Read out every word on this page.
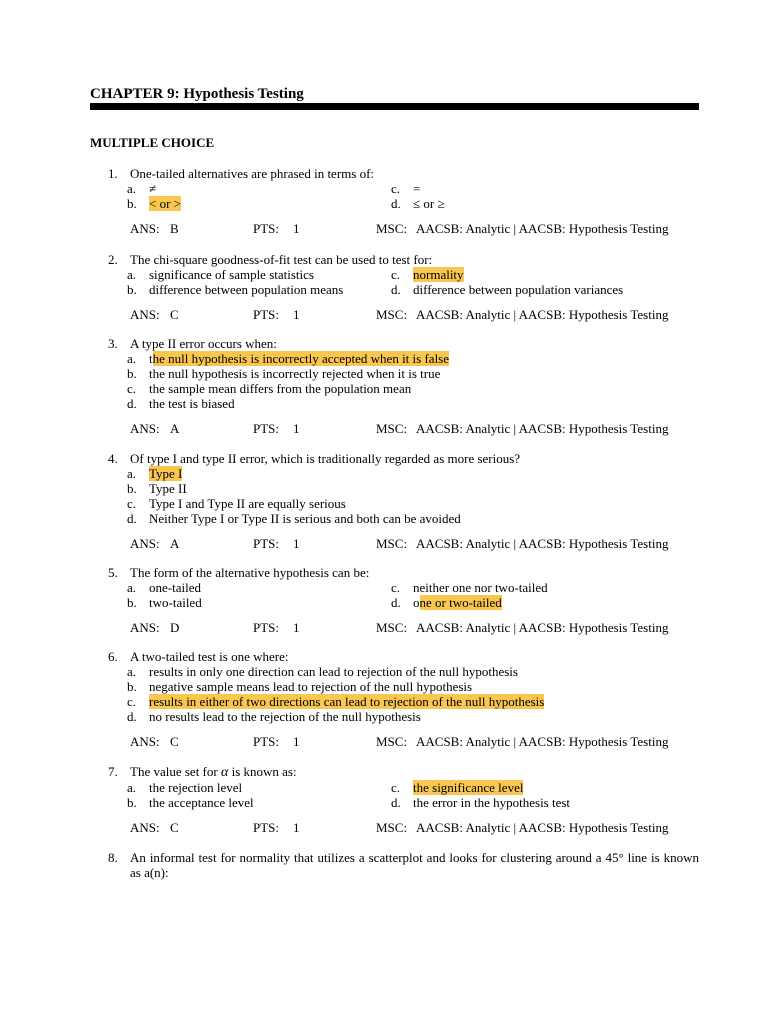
CHAPTER 9: Hypothesis Testing
MULTIPLE CHOICE
1. One-tailed alternatives are phrased in terms of:
a. ≠	c. =
b. < or >	d. ≤ or ≥
ANS: B	PTS: 1	MSC: AACSB: Analytic | AACSB: Hypothesis Testing
2. The chi-square goodness-of-fit test can be used to test for:
a. significance of sample statistics	c. normality
b. difference between population means	d. difference between population variances
ANS: C	PTS: 1	MSC: AACSB: Analytic | AACSB: Hypothesis Testing
3. A type II error occurs when:
a. the null hypothesis is incorrectly accepted when it is false
b. the null hypothesis is incorrectly rejected when it is true
c. the sample mean differs from the population mean
d. the test is biased
ANS: A	PTS: 1	MSC: AACSB: Analytic | AACSB: Hypothesis Testing
4. Of type I and type II error, which is traditionally regarded as more serious?
a. Type I
b. Type II
c. Type I and Type II are equally serious
d. Neither Type I or Type II is serious and both can be avoided
ANS: A	PTS: 1	MSC: AACSB: Analytic | AACSB: Hypothesis Testing
5. The form of the alternative hypothesis can be:
a. one-tailed	c. neither one nor two-tailed
b. two-tailed	d. one or two-tailed
ANS: D	PTS: 1	MSC: AACSB: Analytic | AACSB: Hypothesis Testing
6. A two-tailed test is one where:
a. results in only one direction can lead to rejection of the null hypothesis
b. negative sample means lead to rejection of the null hypothesis
c. results in either of two directions can lead to rejection of the null hypothesis
d. no results lead to the rejection of the null hypothesis
ANS: C	PTS: 1	MSC: AACSB: Analytic | AACSB: Hypothesis Testing
7. The value set for α is known as:
a. the rejection level	c. the significance level
b. the acceptance level	d. the error in the hypothesis test
ANS: C	PTS: 1	MSC: AACSB: Analytic | AACSB: Hypothesis Testing
8. An informal test for normality that utilizes a scatterplot and looks for clustering around a 45° line is known as a(n):
